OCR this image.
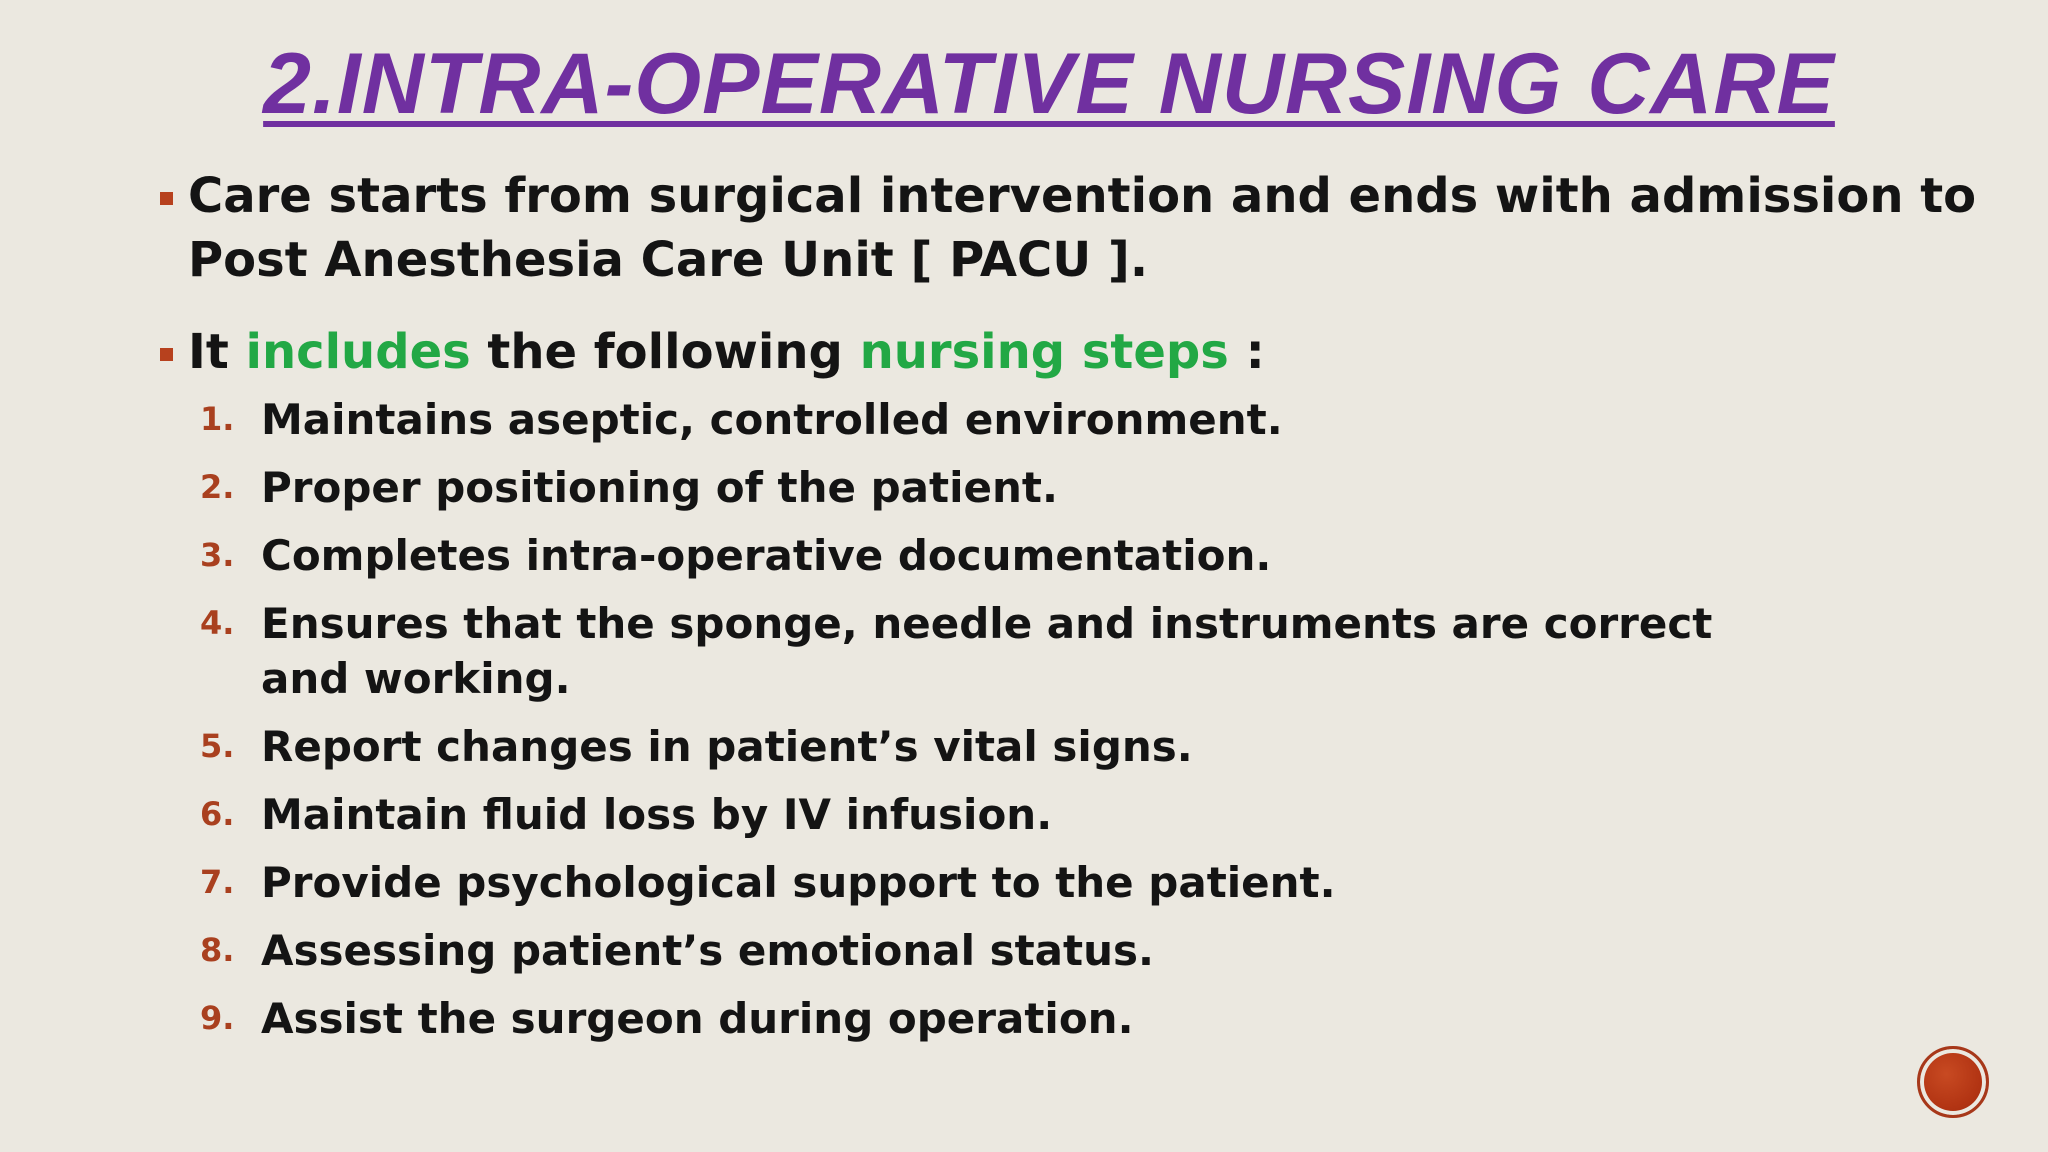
2.INTRA-OPERATIVE NURSING CARE
Care starts from surgical intervention and ends with admission to
Post Anesthesia Care Unit [ PACU ].
It includes the following nursing steps :
1. Maintains aseptic, controlled environment.
2. Proper positioning of the patient.
3. Completes intra-operative documentation.
4. Ensures that the sponge, needle and instruments are correct and working.
5. Report changes in patient’s vital signs.
6. Maintain fluid loss by IV infusion.
7. Provide psychological support to the patient.
8. Assessing patient’s emotional status.
9. Assist the surgeon during operation.
